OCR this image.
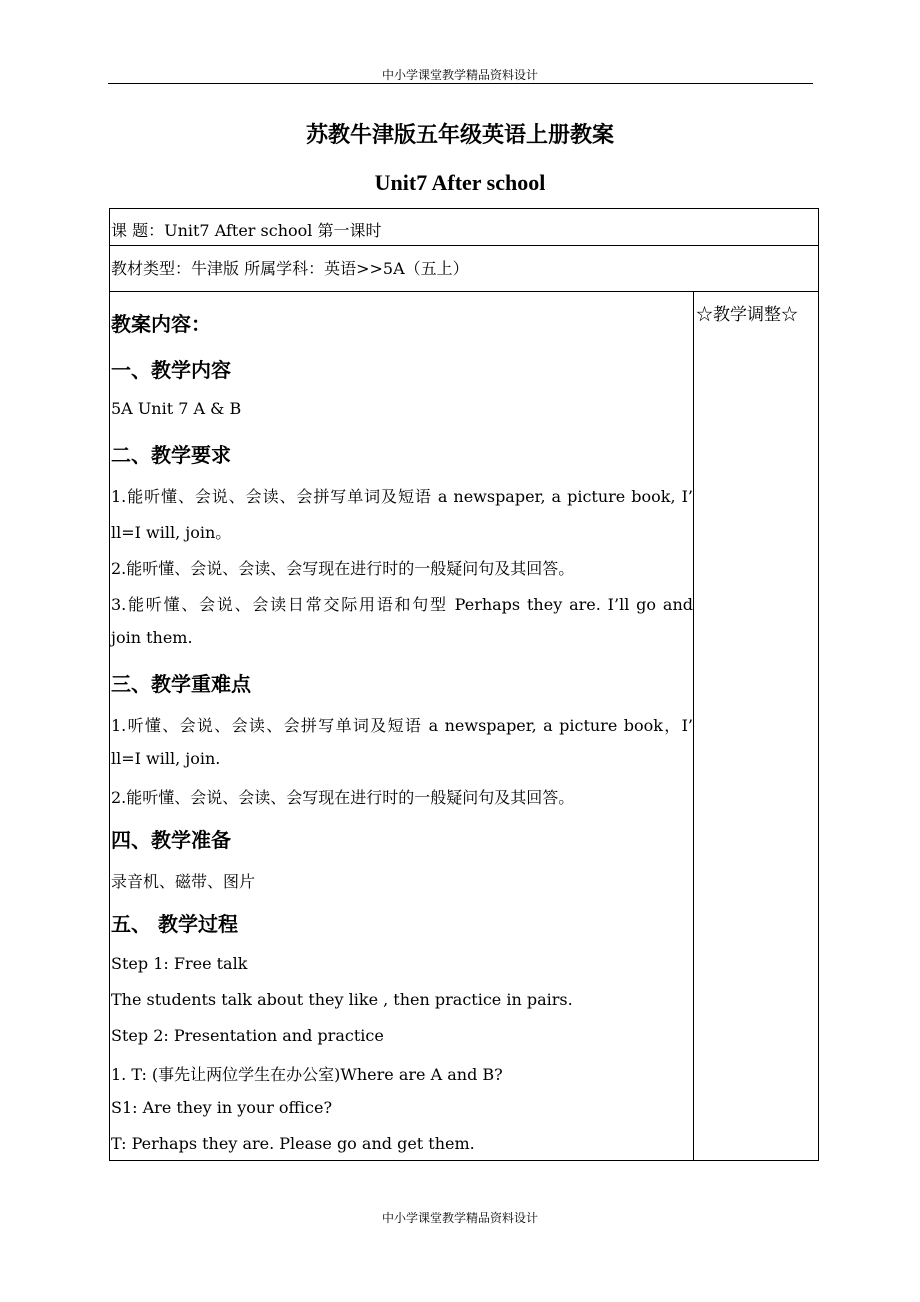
中小学课堂教学精品资料设计
苏教牛津版五年级英语上册教案
Unit7 After school
课 题：Unit7 After school 第一课时
教材类型：牛津版 所属学科：英语>>5A（五上）
☆教学调整☆
教案内容：
一、教学内容
5A Unit 7 A & B
二、教学要求
1.能听懂、会说、会读、会拼写单词及短语 a newspaper, a picture book, I’
ll=I will, join。
2.能听懂、会说、会读、会写现在进行时的一般疑问句及其回答。
3.能听懂、会说、会读日常交际用语和句型 Perhaps they are. I’ll go and
join them.
三、教学重难点
1.听懂、会说、会读、会拼写单词及短语 a newspaper, a picture book，I’
ll=I will, join.
2.能听懂、会说、会读、会写现在进行时的一般疑问句及其回答。
四、教学准备
录音机、磁带、图片
五、 教学过程
Step 1: Free talk
The students talk about they like , then practice in pairs.
Step 2: Presentation and practice
1. T: (事先让两位学生在办公室)Where are A and B?
S1: Are they in your office?
T: Perhaps they are. Please go and get them.
中小学课堂教学精品资料设计
